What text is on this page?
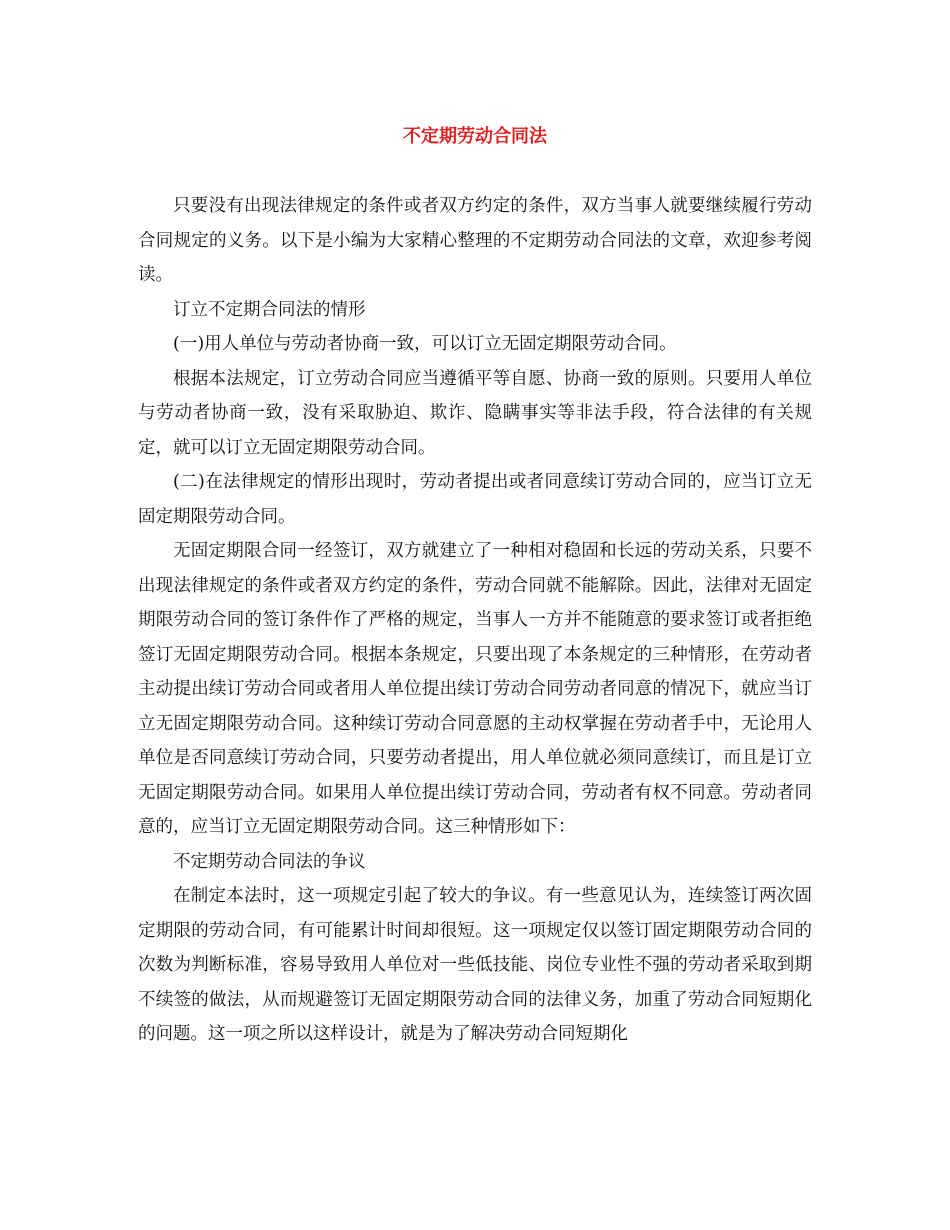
不定期劳动合同法

只要没有出现法律规定的条件或者双方约定的条件，双方当事人就要继续履行劳动合同规定的义务。以下是小编为大家精心整理的不定期劳动合同法的文章，欢迎参考阅读。

订立不定期合同法的情形

(一)用人单位与劳动者协商一致，可以订立无固定期限劳动合同。

根据本法规定，订立劳动合同应当遵循平等自愿、协商一致的原则。只要用人单位与劳动者协商一致，没有采取胁迫、欺诈、隐瞒事实等非法手段，符合法律的有关规定，就可以订立无固定期限劳动合同。

(二)在法律规定的情形出现时，劳动者提出或者同意续订劳动合同的，应当订立无固定期限劳动合同。

无固定期限合同一经签订，双方就建立了一种相对稳固和长远的劳动关系，只要不出现法律规定的条件或者双方约定的条件，劳动合同就不能解除。因此，法律对无固定期限劳动合同的签订条件作了严格的规定，当事人一方并不能随意的要求签订或者拒绝签订无固定期限劳动合同。根据本条规定，只要出现了本条规定的三种情形，在劳动者主动提出续订劳动合同或者用人单位提出续订劳动合同劳动者同意的情况下，就应当订立无固定期限劳动合同。这种续订劳动合同意愿的主动权掌握在劳动者手中，无论用人单位是否同意续订劳动合同，只要劳动者提出，用人单位就必须同意续订，而且是订立无固定期限劳动合同。如果用人单位提出续订劳动合同，劳动者有权不同意。劳动者同意的，应当订立无固定期限劳动合同。这三种情形如下：

不定期劳动合同法的争议

在制定本法时，这一项规定引起了较大的争议。有一些意见认为，连续签订两次固定期限的劳动合同，有可能累计时间却很短。这一项规定仅以签订固定期限劳动合同的次数为判断标准，容易导致用人单位对一些低技能、岗位专业性不强的劳动者采取到期不续签的做法，从而规避签订无固定期限劳动合同的法律义务，加重了劳动合同短期化的问题。这一项之所以这样设计，就是为了解决劳动合同短期化
